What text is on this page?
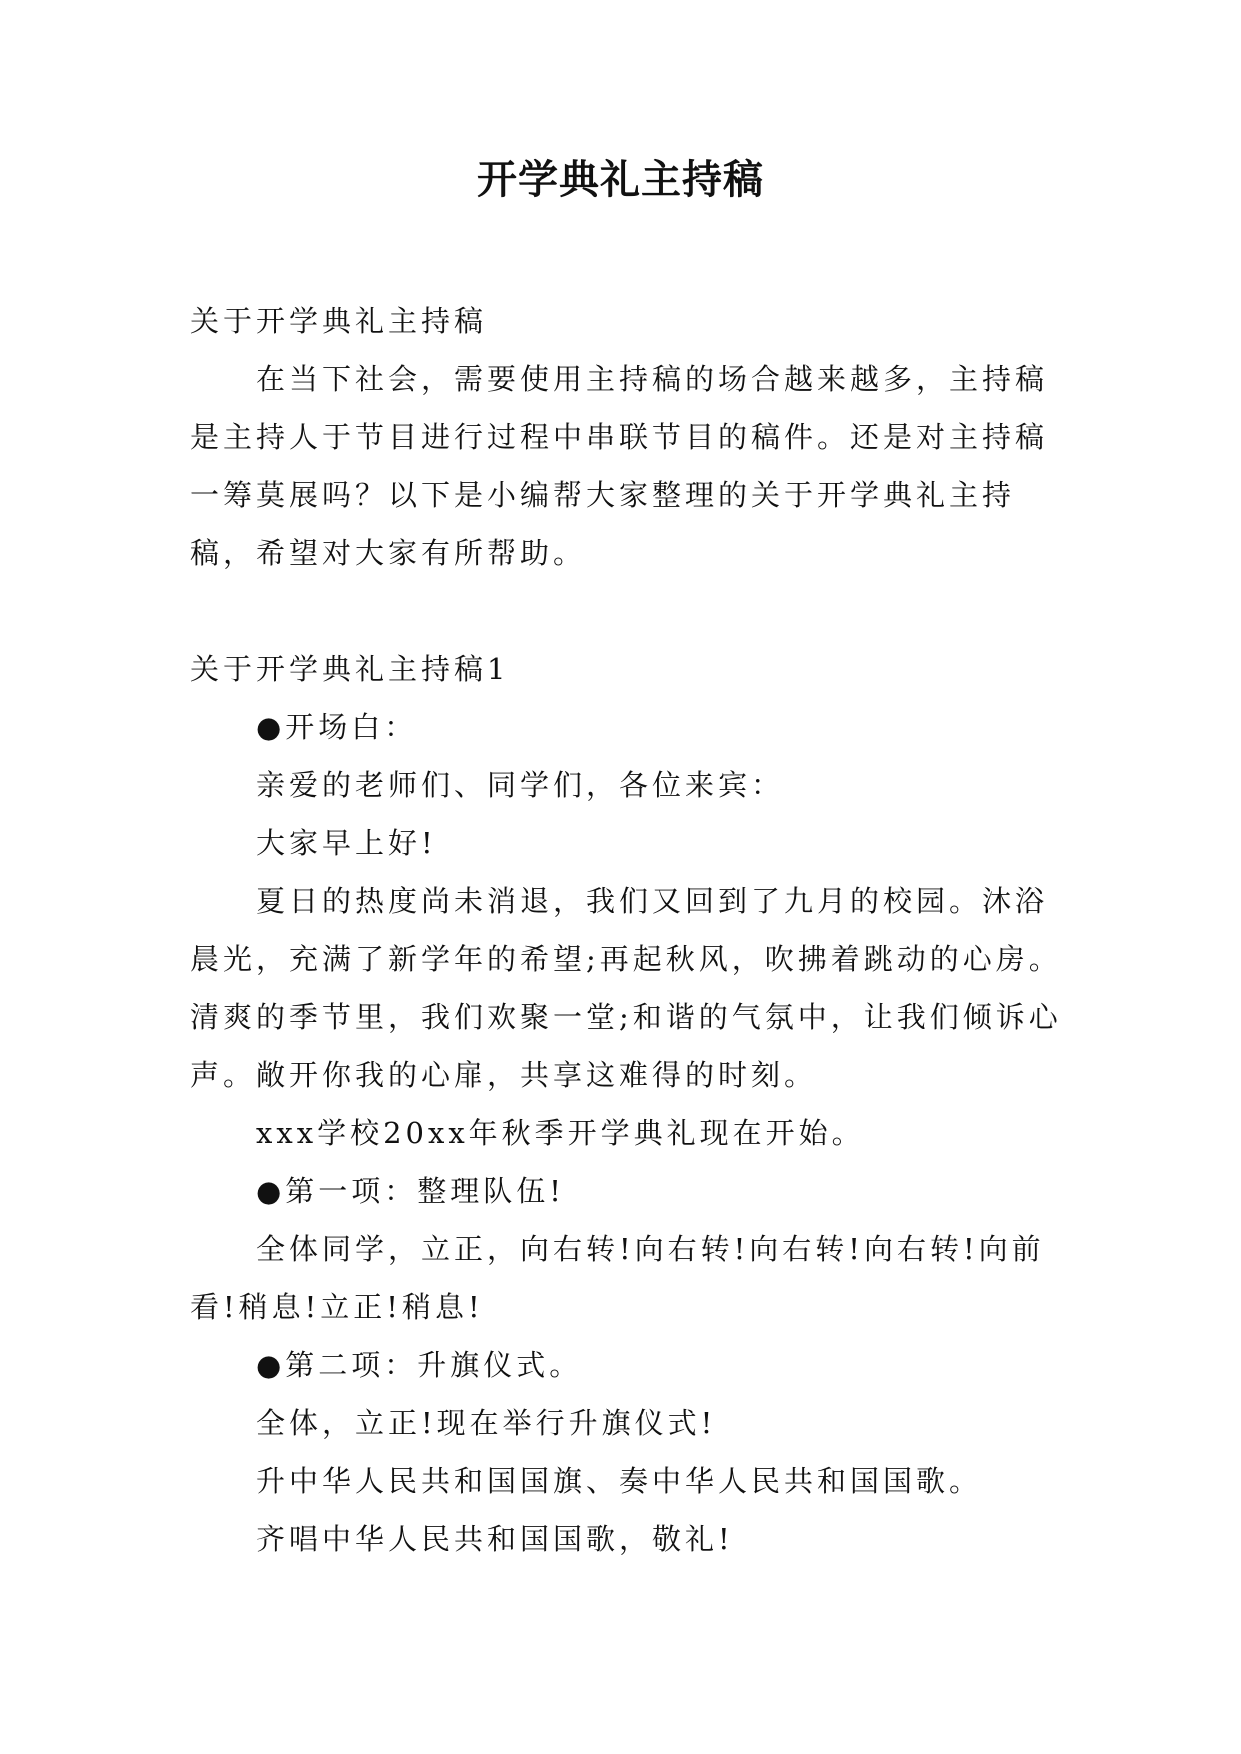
开学典礼主持稿

关于开学典礼主持稿

在当下社会，需要使用主持稿的场合越来越多，主持稿是主持人于节目进行过程中串联节目的稿件。还是对主持稿一筹莫展吗？以下是小编帮大家整理的关于开学典礼主持稿，希望对大家有所帮助。

关于开学典礼主持稿1

●开场白：

亲爱的老师们、同学们，各位来宾：

大家早上好!

夏日的热度尚未消退，我们又回到了九月的校园。沐浴晨光，充满了新学年的希望;再起秋风，吹拂着跳动的心房。清爽的季节里，我们欢聚一堂;和谐的气氛中，让我们倾诉心声。敞开你我的心扉，共享这难得的时刻。

xxx学校20xx年秋季开学典礼现在开始。

●第一项：整理队伍!

全体同学，立正，向右转!向右转!向右转!向右转!向前看!稍息!立正!稍息!

●第二项：升旗仪式。

全体，立正!现在举行升旗仪式!

升中华人民共和国国旗、奏中华人民共和国国歌。

齐唱中华人民共和国国歌，敬礼!
